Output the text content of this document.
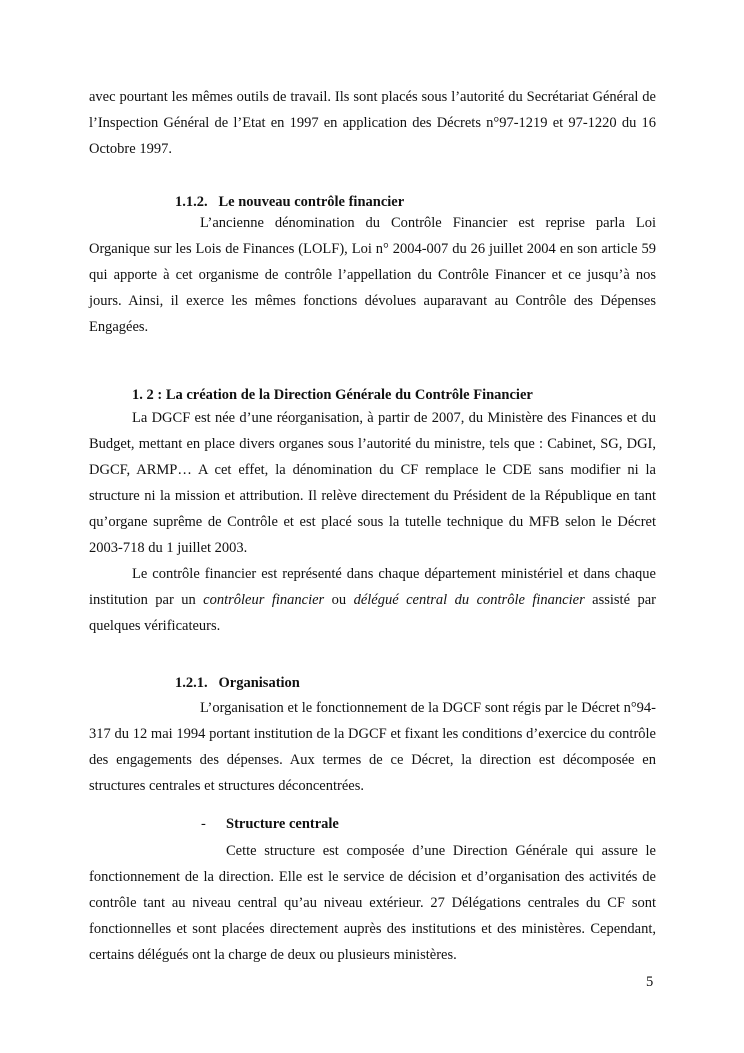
avec pourtant les mêmes outils de travail. Ils sont placés sous l’autorité du Secrétariat Général de l’Inspection Général de l’Etat en 1997 en application des Décrets n°97-1219 et 97-1220 du 16 Octobre 1997.

1.1.2. Le nouveau contrôle financier

L’ancienne dénomination du Contrôle Financier est reprise parla Loi Organique sur les Lois de Finances (LOLF), Loi n° 2004-007 du 26 juillet 2004 en son article 59 qui apporte à cet organisme de contrôle l’appellation du Contrôle Financer et ce jusqu’à nos jours. Ainsi, il exerce les mêmes fonctions dévolues auparavant au Contrôle des Dépenses Engagées.

1. 2 : La création de la Direction Générale du Contrôle Financier

La DGCF est née d’une réorganisation, à partir de 2007, du Ministère des Finances et du Budget, mettant en place divers organes sous l’autorité du ministre, tels que : Cabinet, SG, DGI, DGCF, ARMP… A cet effet, la dénomination du CF remplace le CDE sans modifier ni la structure ni la mission et attribution. Il relève directement du Président de la République en tant qu’organe suprême de Contrôle et est placé sous la tutelle technique du MFB selon le Décret 2003-718 du 1 juillet 2003.

Le contrôle financier est représenté dans chaque département ministériel et dans chaque institution par un contrôleur financier ou délégué central du contrôle financier assisté par quelques vérificateurs.

1.2.1. Organisation

L’organisation et le fonctionnement de la DGCF sont régis par le Décret n°94-317 du 12 mai 1994 portant institution de la DGCF et fixant les conditions d’exercice du contrôle des engagements des dépenses. Aux termes de ce Décret, la direction est décomposée en structures centrales et structures déconcentrées.

- Structure centrale

Cette structure est composée d’une Direction Générale qui assure le fonctionnement de la direction. Elle est le service de décision et d’organisation des activités de contrôle tant au niveau central qu’au niveau extérieur. 27 Délégations centrales du CF sont fonctionnelles et sont placées directement auprès des institutions et des ministères. Cependant, certains délégués ont la charge de deux ou plusieurs ministères.

5
